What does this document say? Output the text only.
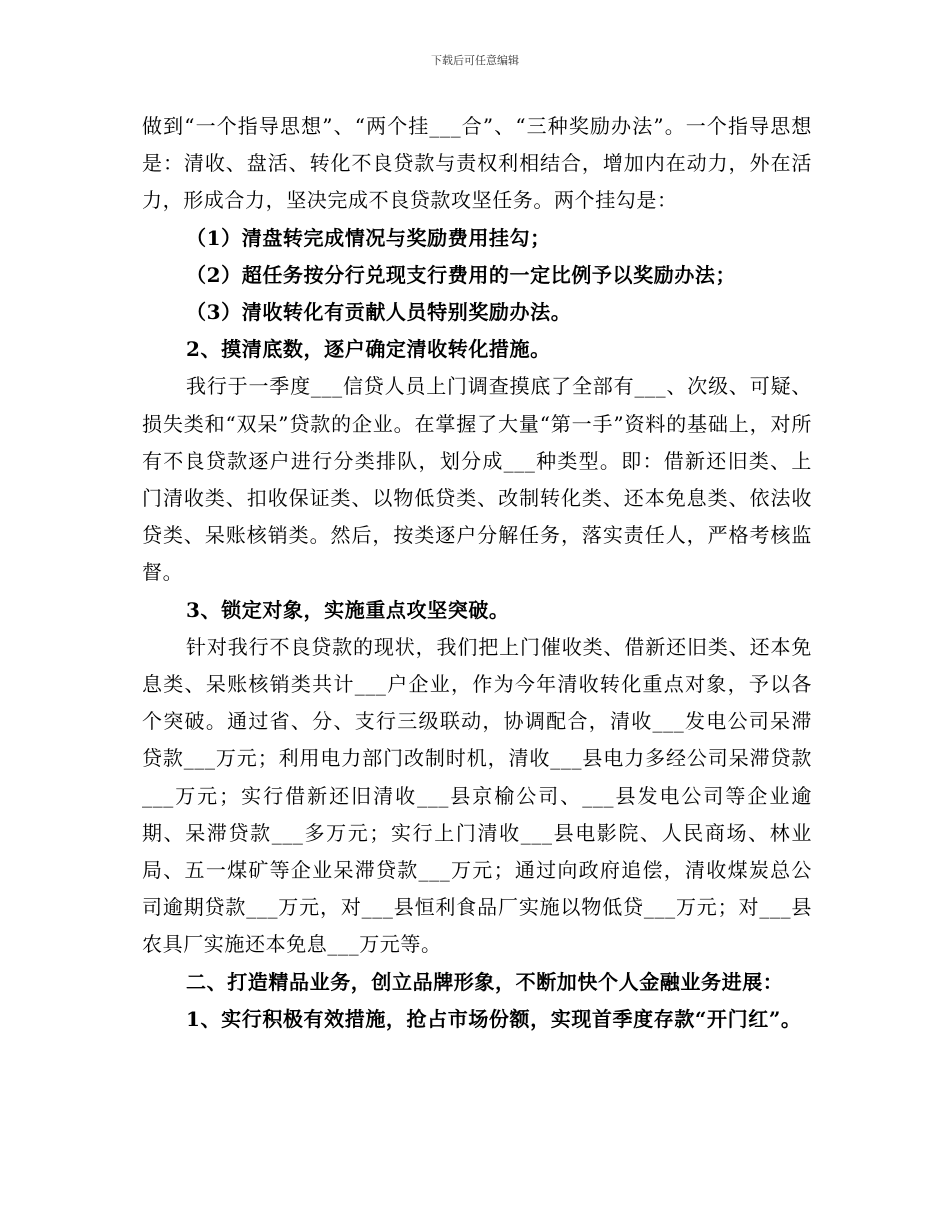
下载后可任意编辑

做到“一个指导思想”、“两个挂___合”、“三种奖励办法”。一个指导思想是：清收、盘活、转化不良贷款与责权利相结合，增加内在动力，外在活力，形成合力，坚决完成不良贷款攻坚任务。两个挂勾是：

（1）清盘转完成情况与奖励费用挂勾；

（2）超任务按分行兑现支行费用的一定比例予以奖励办法；

（3）清收转化有贡献人员特别奖励办法。

2、摸清底数，逐户确定清收转化措施。

我行于一季度___信贷人员上门调查摸底了全部有___、次级、可疑、损失类和“双呆”贷款的企业。在掌握了大量“第一手”资料的基础上，对所有不良贷款逐户进行分类排队，划分成___种类型。即：借新还旧类、上门清收类、扣收保证类、以物低贷类、改制转化类、还本免息类、依法收贷类、呆账核销类。然后，按类逐户分解任务，落实责任人，严格考核监督。

3、锁定对象，实施重点攻坚突破。

针对我行不良贷款的现状，我们把上门催收类、借新还旧类、还本免息类、呆账核销类共计___户企业，作为今年清收转化重点对象，予以各个突破。通过省、分、支行三级联动，协调配合，清收___发电公司呆滞贷款___万元；利用电力部门改制时机，清收___县电力多经公司呆滞贷款___万元；实行借新还旧清收___县京榆公司、___县发电公司等企业逾期、呆滞贷款___多万元；实行上门清收___县电影院、人民商场、林业局、五一煤矿等企业呆滞贷款___万元；通过向政府追偿，清收煤炭总公司逾期贷款___万元，对___县恒利食品厂实施以物低贷___万元；对___县农具厂实施还本免息___万元等。

二、打造精品业务，创立品牌形象，不断加快个人金融业务进展：

1、实行积极有效措施，抢占市场份额，实现首季度存款“开门红”。
